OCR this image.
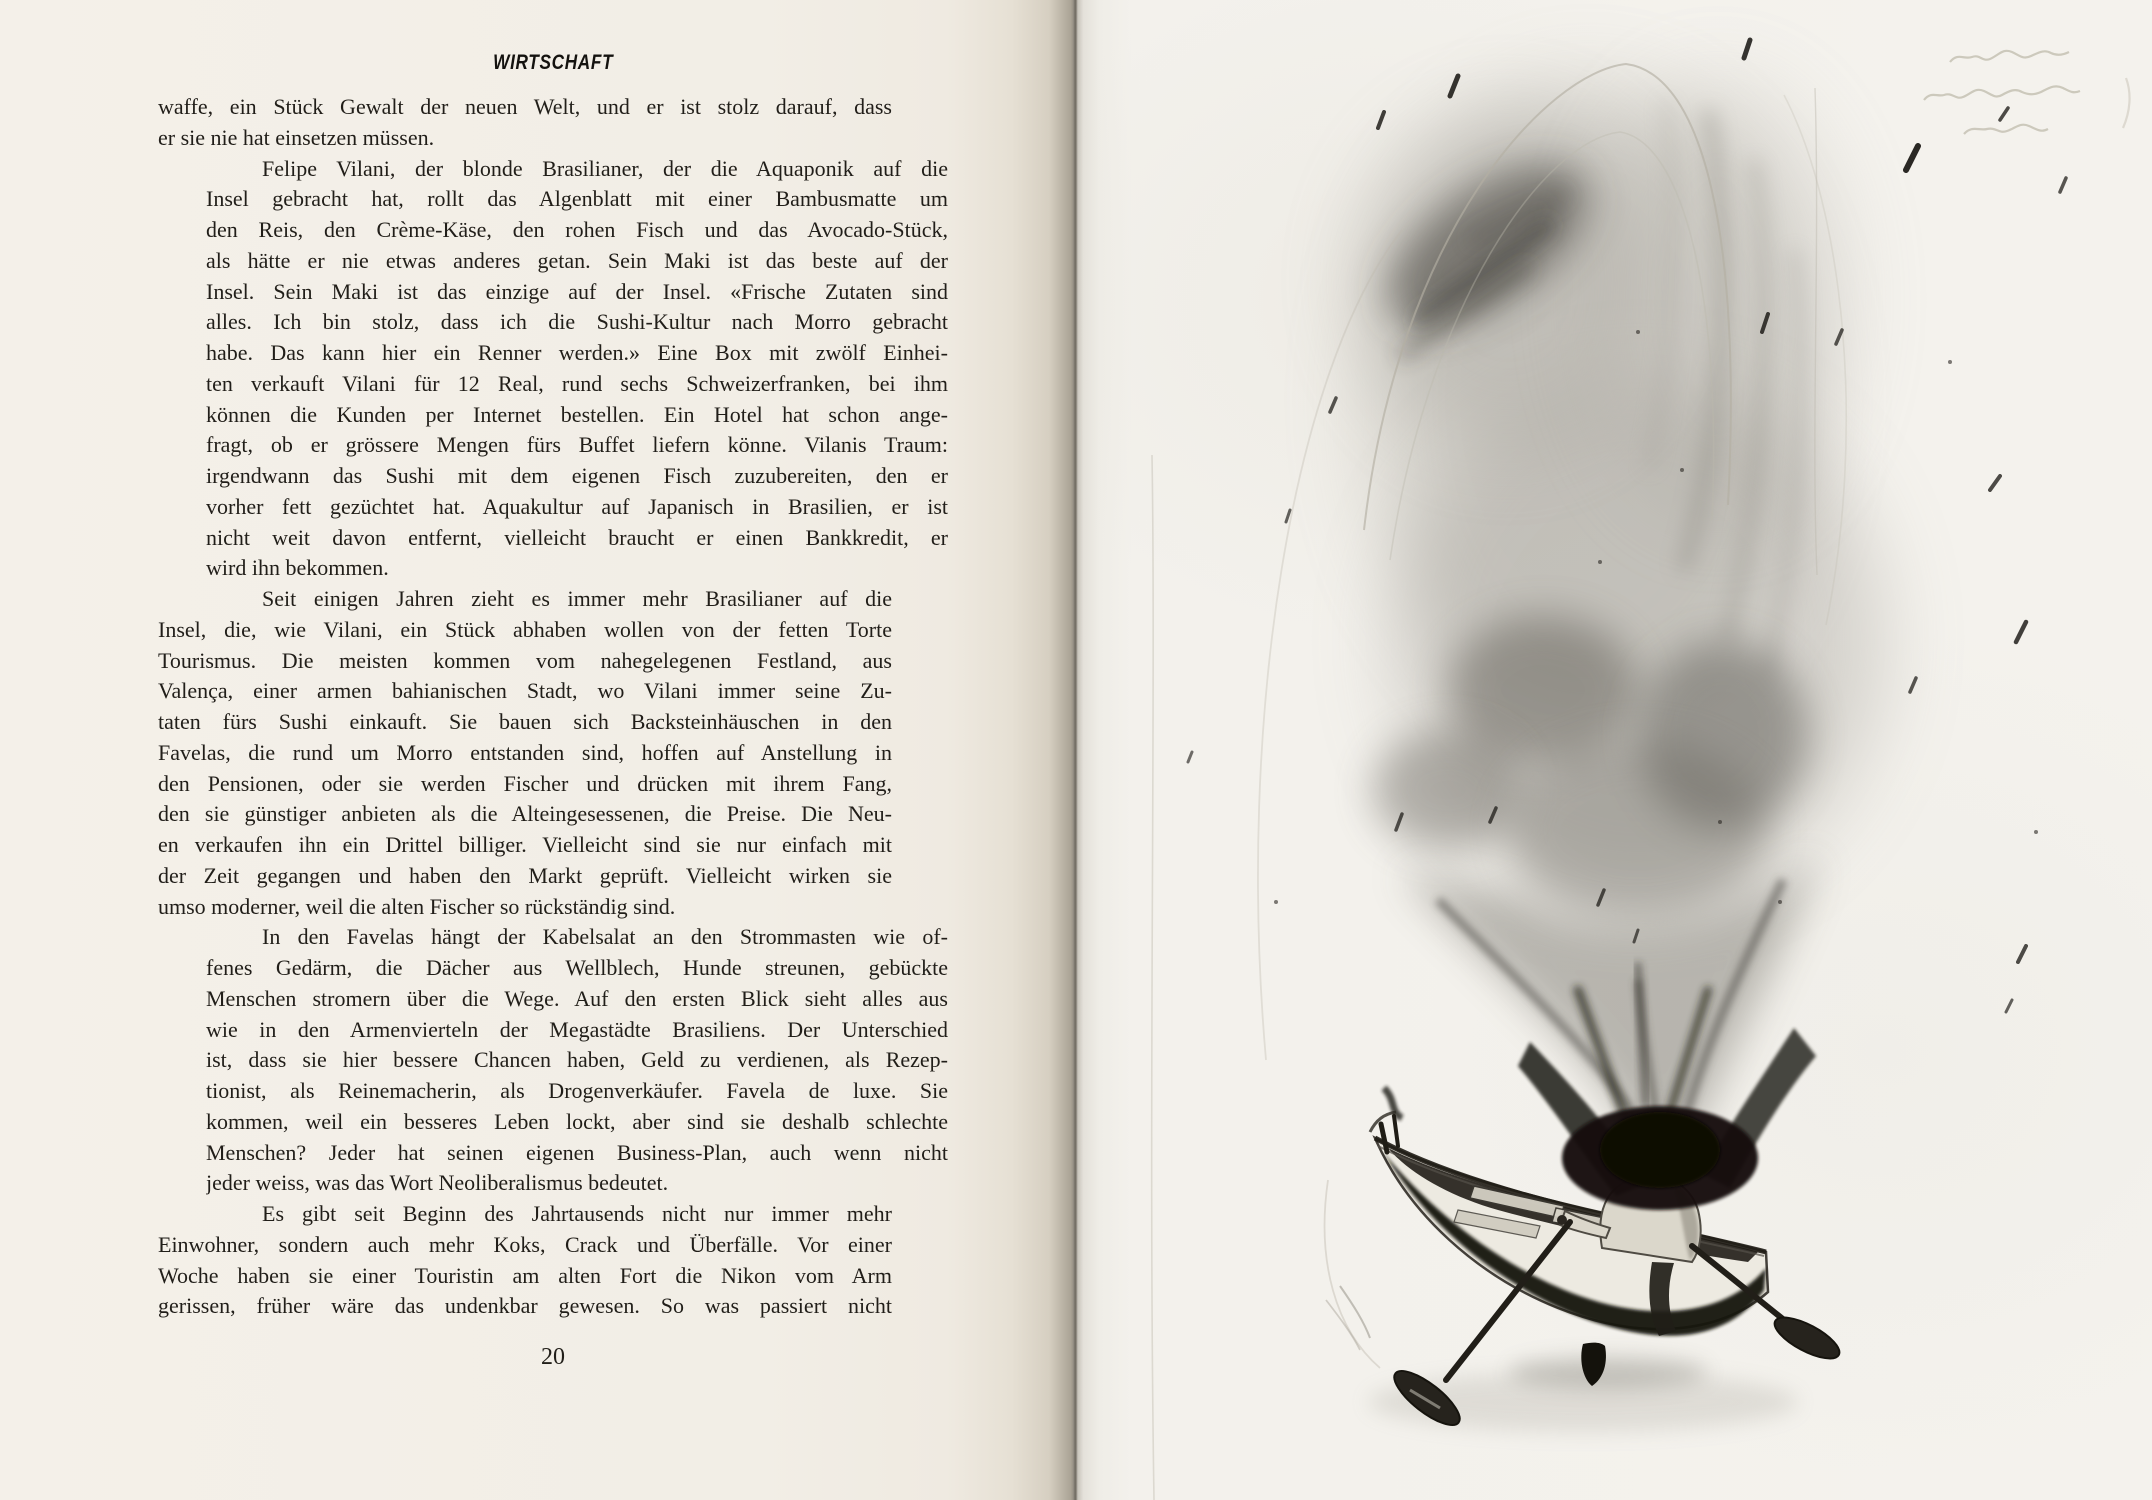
WIRTSCHAFT
waffe, ein Stück Gewalt der neuen Welt, und er ist stolz darauf, dass
er sie nie hat einsetzen müssen.
Felipe Vilani, der blonde Brasilianer, der die Aquaponik auf die
Insel gebracht hat, rollt das Algenblatt mit einer Bambusmatte um
den Reis, den Crème-Käse, den rohen Fisch und das Avocado-Stück,
als hätte er nie etwas anderes getan. Sein Maki ist das beste auf der
Insel. Sein Maki ist das einzige auf der Insel. «Frische Zutaten sind
alles. Ich bin stolz, dass ich die Sushi-Kultur nach Morro gebracht
habe. Das kann hier ein Renner werden.» Eine Box mit zwölf Einhei-
ten verkauft Vilani für 12 Real, rund sechs Schweizerfranken, bei ihm
können die Kunden per Internet bestellen. Ein Hotel hat schon ange-
fragt, ob er grössere Mengen fürs Buffet liefern könne. Vilanis Traum:
irgendwann das Sushi mit dem eigenen Fisch zuzubereiten, den er
vorher fett gezüchtet hat. Aquakultur auf Japanisch in Brasilien, er ist
nicht weit davon entfernt, vielleicht braucht er einen Bankkredit, er
wird ihn bekommen.
Seit einigen Jahren zieht es immer mehr Brasilianer auf die
Insel, die, wie Vilani, ein Stück abhaben wollen von der fetten Torte
Tourismus. Die meisten kommen vom nahegelegenen Festland, aus
Valença, einer armen bahianischen Stadt, wo Vilani immer seine Zu-
taten fürs Sushi einkauft. Sie bauen sich Backsteinhäuschen in den
Favelas, die rund um Morro entstanden sind, hoffen auf Anstellung in
den Pensionen, oder sie werden Fischer und drücken mit ihrem Fang,
den sie günstiger anbieten als die Alteingesessenen, die Preise. Die Neu-
en verkaufen ihn ein Drittel billiger. Vielleicht sind sie nur einfach mit
der Zeit gegangen und haben den Markt geprüft. Vielleicht wirken sie
umso moderner, weil die alten Fischer so rückständig sind.
In den Favelas hängt der Kabelsalat an den Strommasten wie of-
fenes Gedärm, die Dächer aus Wellblech, Hunde streunen, gebückte
Menschen stromern über die Wege. Auf den ersten Blick sieht alles aus
wie in den Armenvierteln der Megastädte Brasiliens. Der Unterschied
ist, dass sie hier bessere Chancen haben, Geld zu verdienen, als Rezep-
tionist, als Reinemacherin, als Drogenverkäufer. Favela de luxe. Sie
kommen, weil ein besseres Leben lockt, aber sind sie deshalb schlechte
Menschen? Jeder hat seinen eigenen Business-Plan, auch wenn nicht
jeder weiss, was das Wort Neoliberalismus bedeutet.
Es gibt seit Beginn des Jahrtausends nicht nur immer mehr
Einwohner, sondern auch mehr Koks, Crack und Überfälle. Vor einer
Woche haben sie einer Touristin am alten Fort die Nikon vom Arm
gerissen, früher wäre das undenkbar gewesen. So was passiert nicht
20
